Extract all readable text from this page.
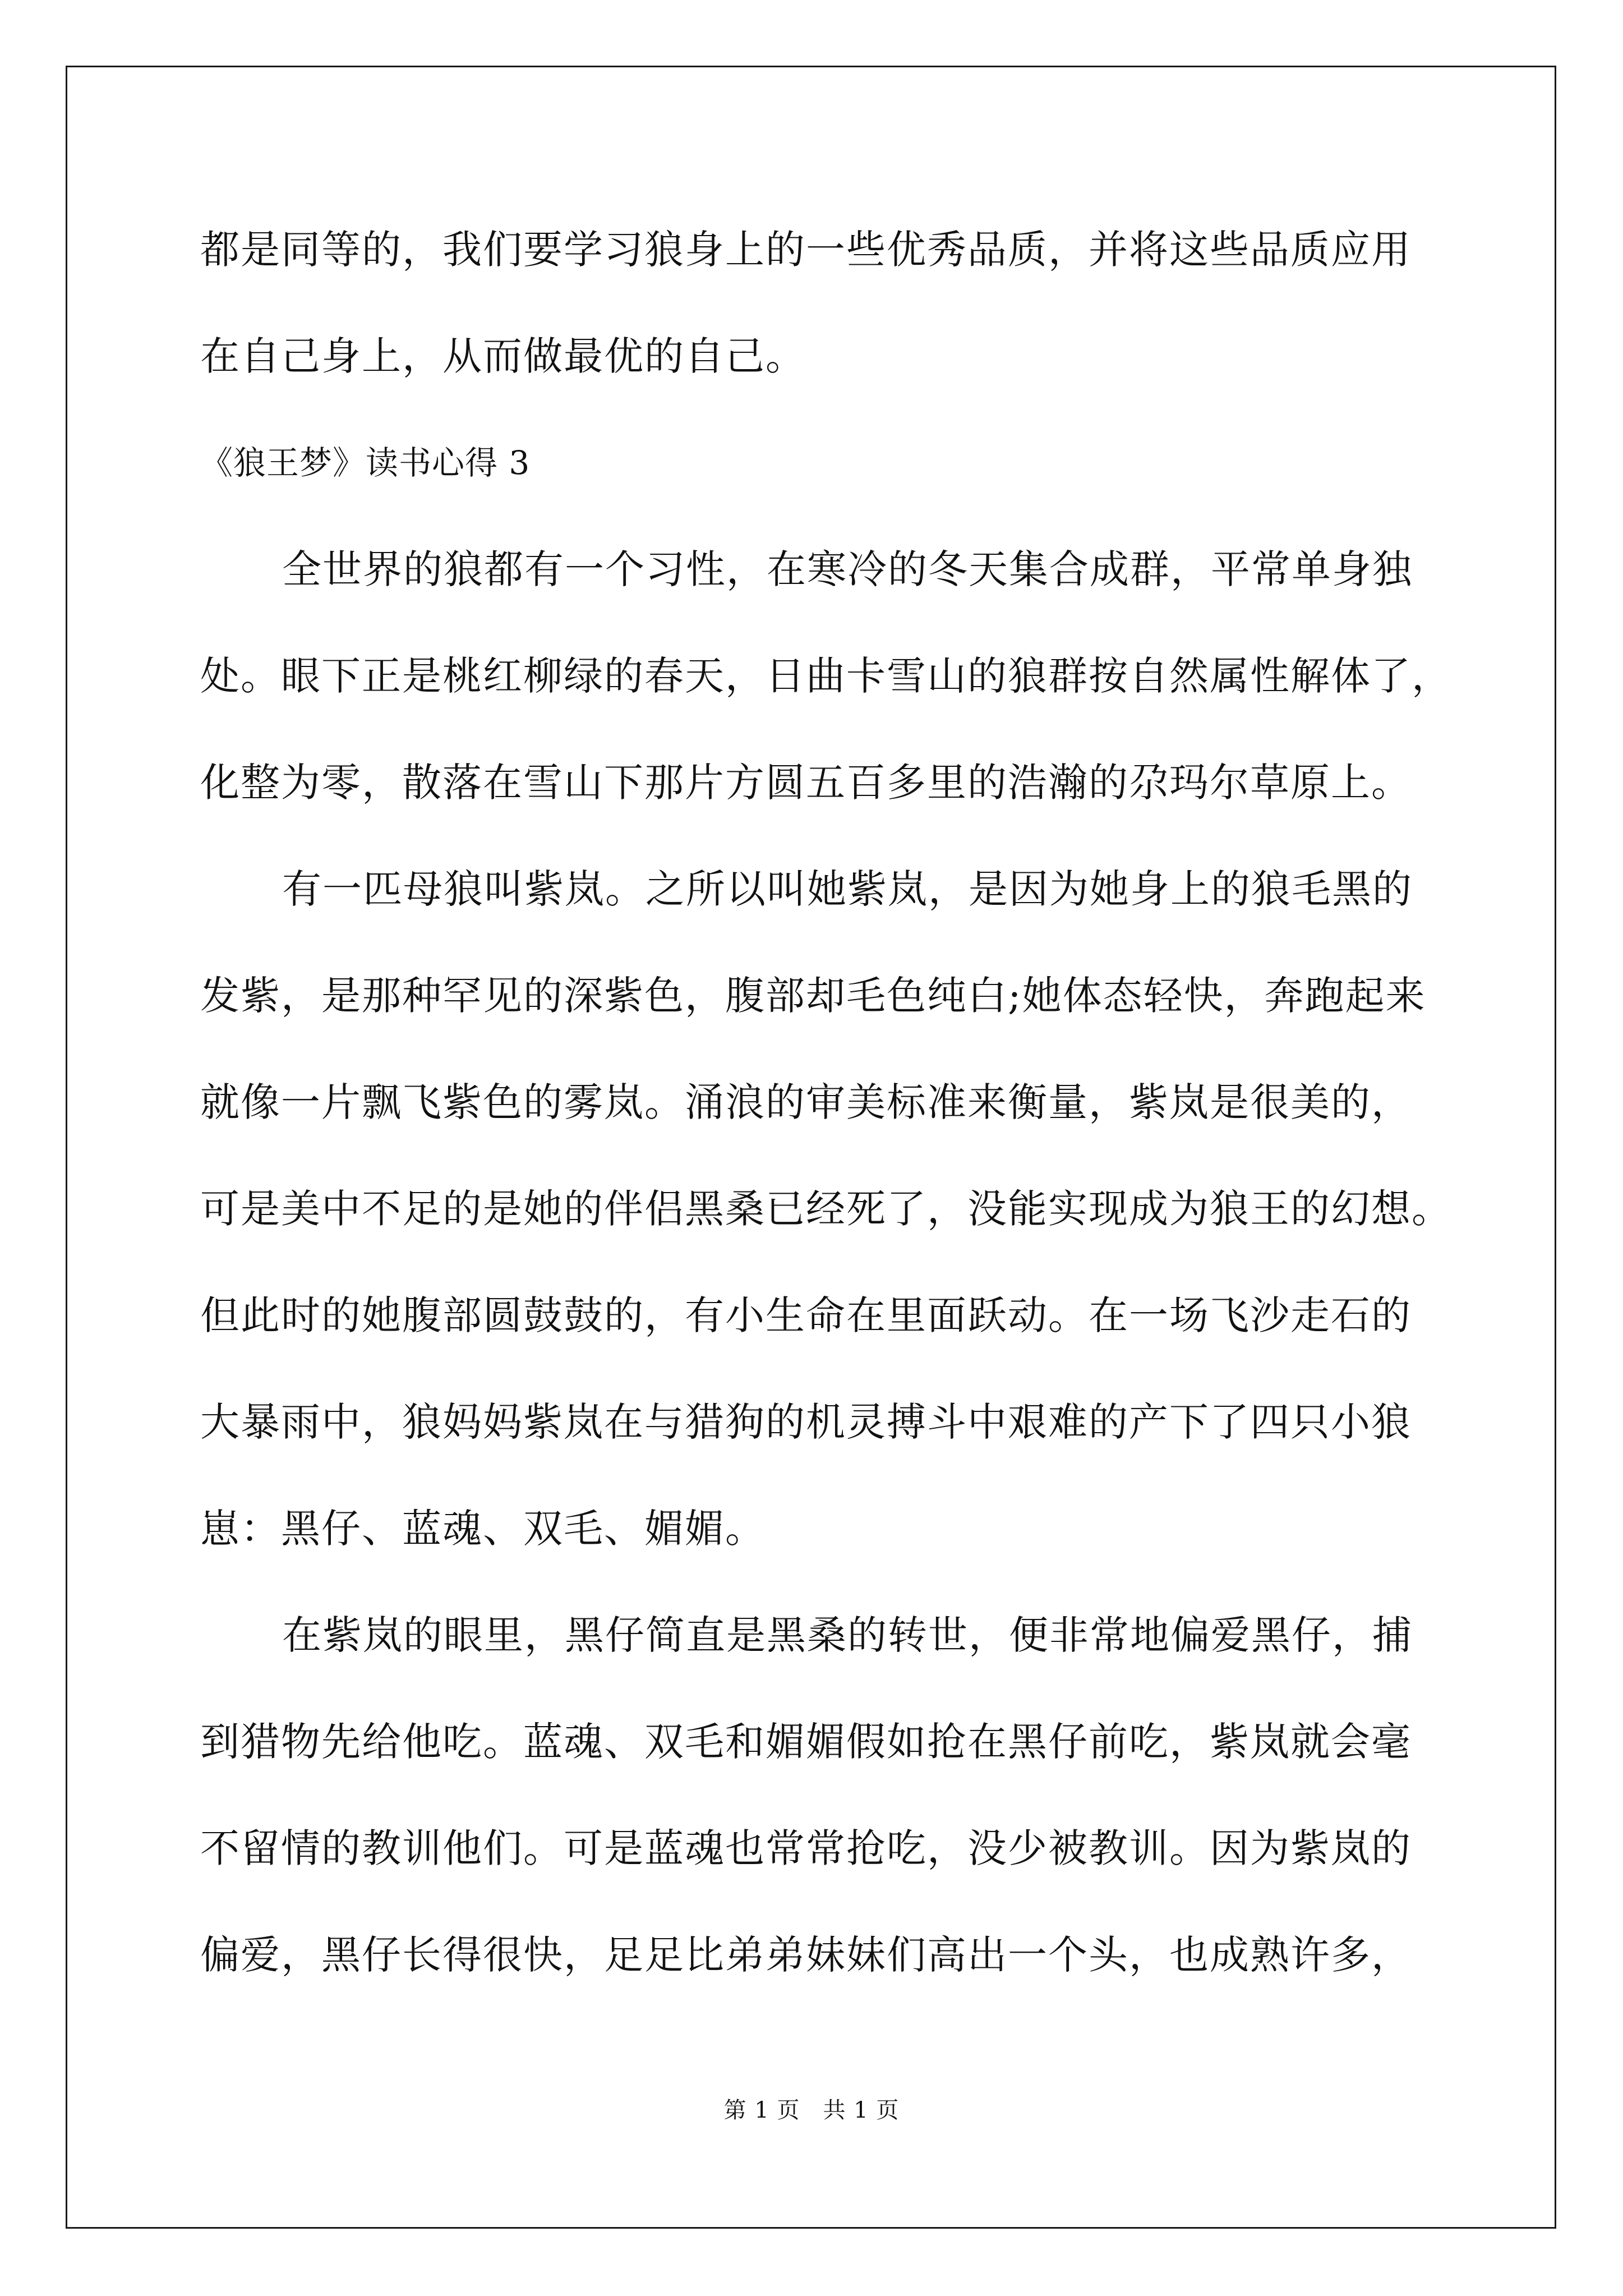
都是同等的，我们要学习狼身上的一些优秀品质，并将这些品质应用
在自己身上，从而做最优的自己。
《狼王梦》读书心得 3
全世界的狼都有一个习性，在寒冷的冬天集合成群，平常单身独
处。眼下正是桃红柳绿的春天，日曲卡雪山的狼群按自然属性解体了，
化整为零，散落在雪山下那片方圆五百多里的浩瀚的尕玛尔草原上。
有一匹母狼叫紫岚。之所以叫她紫岚，是因为她身上的狼毛黑的
发紫，是那种罕见的深紫色，腹部却毛色纯白;她体态轻快，奔跑起来
就像一片飘飞紫色的雾岚。涌浪的审美标准来衡量，紫岚是很美的，
可是美中不足的是她的伴侣黑桑已经死了，没能实现成为狼王的幻想。
但此时的她腹部圆鼓鼓的，有小生命在里面跃动。在一场飞沙走石的
大暴雨中，狼妈妈紫岚在与猎狗的机灵搏斗中艰难的产下了四只小狼
崽：黑仔、蓝魂、双毛、媚媚。
在紫岚的眼里，黑仔简直是黑桑的转世，便非常地偏爱黑仔，捕
到猎物先给他吃。蓝魂、双毛和媚媚假如抢在黑仔前吃，紫岚就会毫
不留情的教训他们。可是蓝魂也常常抢吃，没少被教训。因为紫岚的
偏爱，黑仔长得很快，足足比弟弟妹妹们高出一个头，也成熟许多，
第 1 页　共 1 页
